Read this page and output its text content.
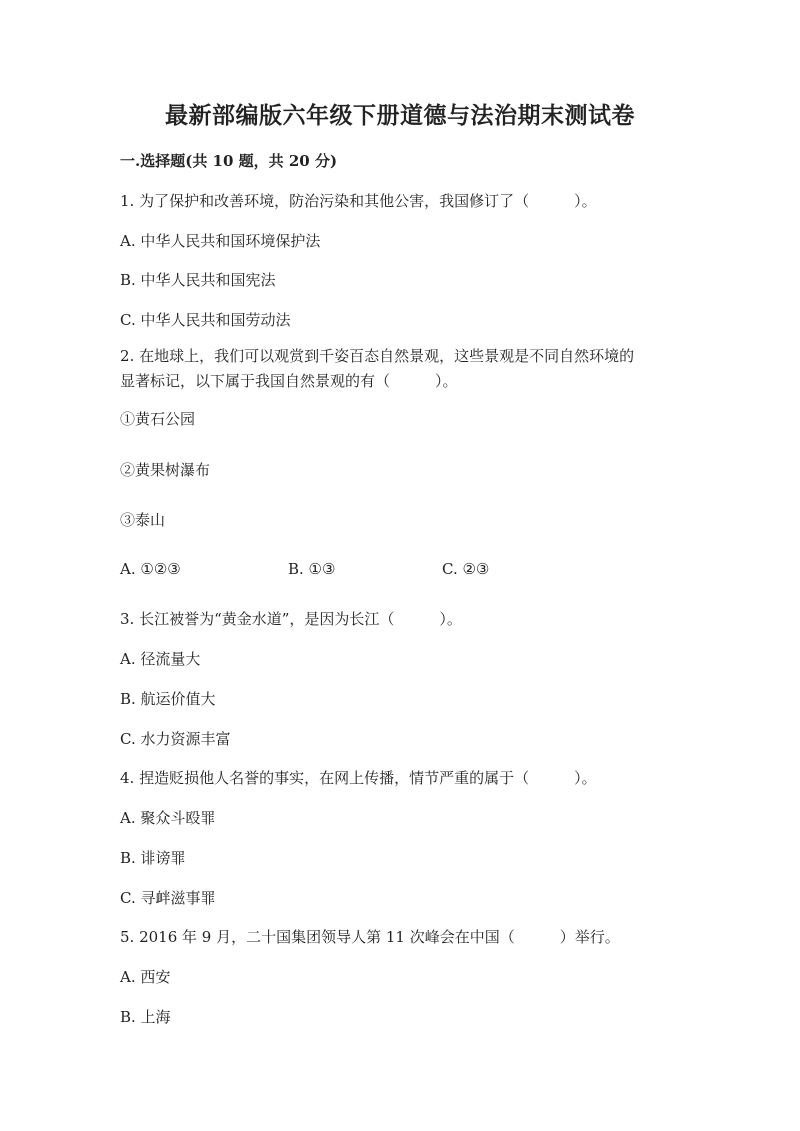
最新部编版六年级下册道德与法治期末测试卷
一.选择题(共 10 题，共 20 分)
1. 为了保护和改善环境，防治污染和其他公害，我国修订了（　　　）。
A. 中华人民共和国环境保护法
B. 中华人民共和国宪法
C. 中华人民共和国劳动法
2. 在地球上，我们可以观赏到千姿百态自然景观，这些景观是不同自然环境的
显著标记，以下属于我国自然景观的有（　　　）。
①黄石公园
②黄果树瀑布
③泰山
A. ①②③	B. ①③	C. ②③
3. 长江被誉为“黄金水道”，是因为长江（　　　）。
A. 径流量大
B. 航运价值大
C. 水力资源丰富
4. 捏造贬损他人名誉的事实，在网上传播，情节严重的属于（　　　）。
A. 聚众斗殴罪
B. 诽谤罪
C. 寻衅滋事罪
5. 2016 年 9 月，二十国集团领导人第 11 次峰会在中国（　　　）举行。
A. 西安
B. 上海
